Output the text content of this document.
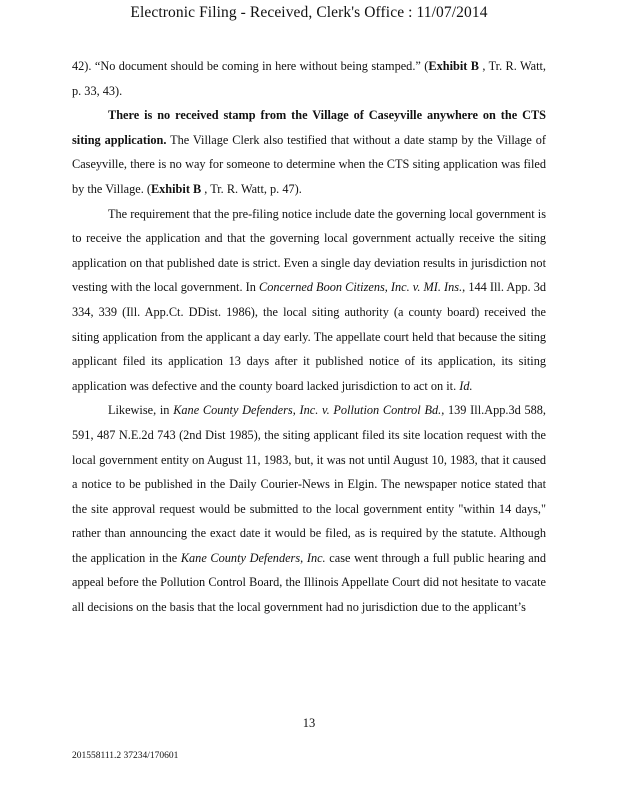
Electronic Filing - Received, Clerk's Office : 11/07/2014

42). “No document should be coming in here without being stamped.” (Exhibit B , Tr. R. Watt, p. 33, 43).

There is no received stamp from the Village of Caseyville anywhere on the CTS siting application. The Village Clerk also testified that without a date stamp by the Village of Caseyville, there is no way for someone to determine when the CTS siting application was filed by the Village. (Exhibit B , Tr. R. Watt, p. 47).

The requirement that the pre-filing notice include date the governing local government is to receive the application and that the governing local government actually receive the siting application on that published date is strict. Even a single day deviation results in jurisdiction not vesting with the local government. In Concerned Boon Citizens, Inc. v. MI. Ins., 144 Ill. App. 3d 334, 339 (Ill. App.Ct. DDist. 1986), the local siting authority (a county board) received the siting application from the applicant a day early. The appellate court held that because the siting applicant filed its application 13 days after it published notice of its application, its siting application was defective and the county board lacked jurisdiction to act on it. Id.

Likewise, in Kane County Defenders, Inc. v. Pollution Control Bd., 139 Ill.App.3d 588, 591, 487 N.E.2d 743 (2nd Dist 1985), the siting applicant filed its site location request with the local government entity on August 11, 1983, but, it was not until August 10, 1983, that it caused a notice to be published in the Daily Courier-News in Elgin. The newspaper notice stated that the site approval request would be submitted to the local government entity "within 14 days," rather than announcing the exact date it would be filed, as is required by the statute. Although the application in the Kane County Defenders, Inc. case went through a full public hearing and appeal before the Pollution Control Board, the Illinois Appellate Court did not hesitate to vacate all decisions on the basis that the local government had no jurisdiction due to the applicant’s

13
201558111.2 37234/170601
